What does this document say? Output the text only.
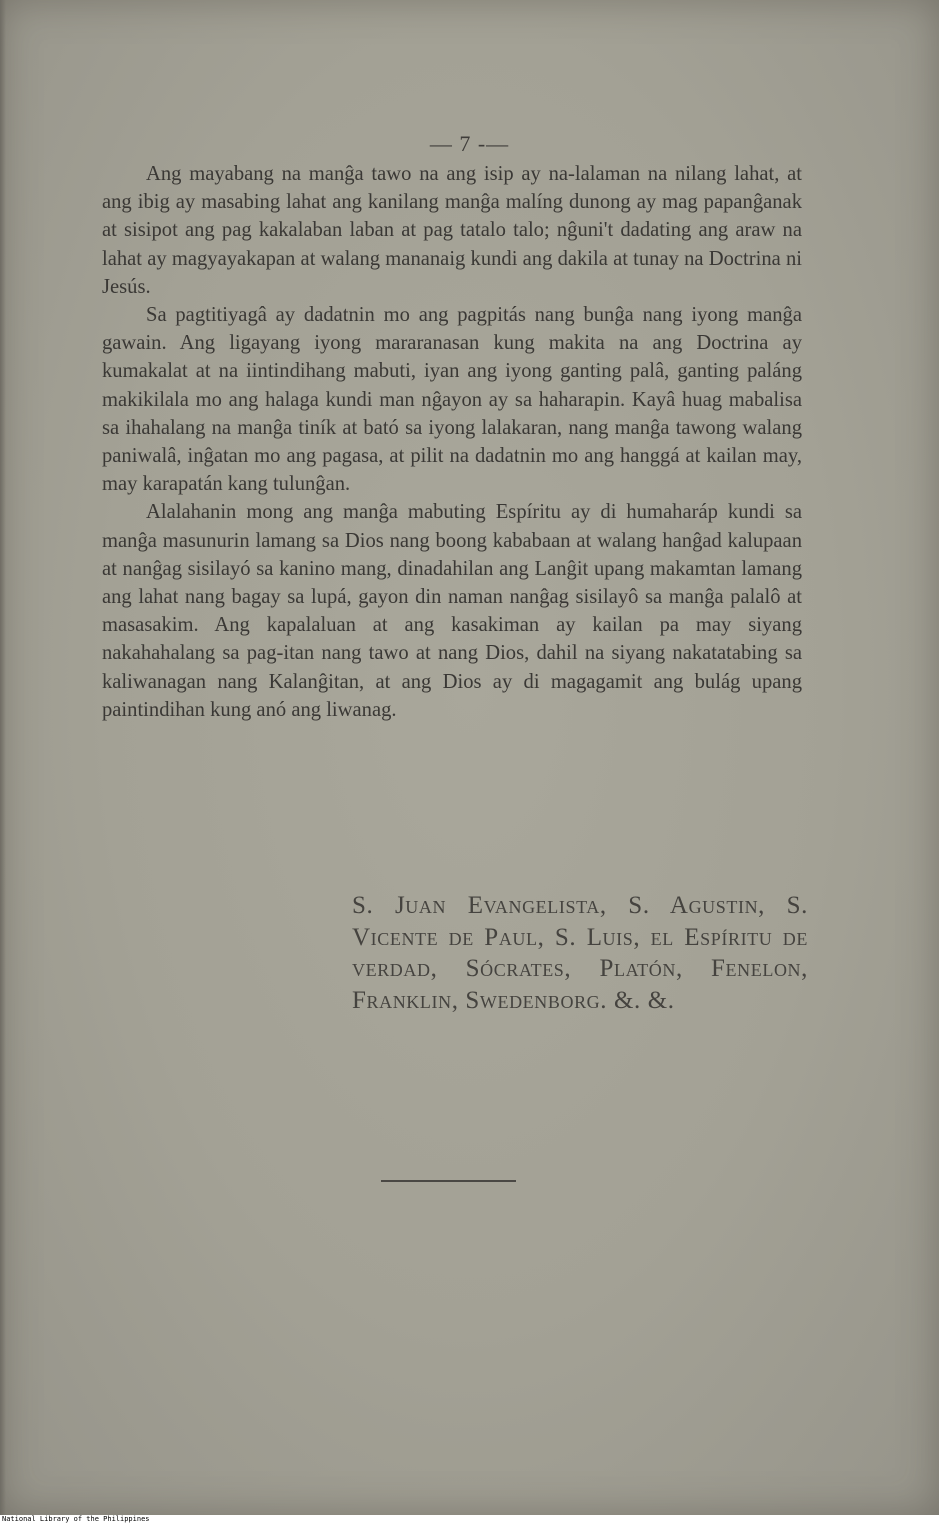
— 7 -—

Ang mayabang na manĝa tawo na ang isip ay na-lalaman na nilang lahat, at ang ibig ay masabing lahat ang kanilang manĝa malíng dunong ay mag papanĝanak at sisipot ang pag kakalaban laban at pag tatalo talo; nĝuni't dadating ang araw na lahat ay magyayakapan at walang mananaig kundi ang dakila at tunay na Doctrina ni Jesús.

Sa pagtitiyagâ ay dadatnin mo ang pagpitás nang bunĝa nang iyong manĝa gawain. Ang ligayang iyong mararanasan kung makita na ang Doctrina ay kumakalat at na iintindihang mabuti, iyan ang iyong ganting palâ, ganting paláng makikilala mo ang halaga kundi man nĝayon ay sa haharapin. Kayâ huag mabalisa sa ihahalang na manĝa tiník at bató sa iyong lalakaran, nang manĝa tawong walang paniwalâ, inĝatan mo ang pagasa, at pilit na dadatnin mo ang hanggá at kailan may, may karapatán kang tulunĝan.

Alalahanin mong ang manĝa mabuting Espíritu ay di humaharáp kundi sa manĝa masunurin lamang sa Dios nang boong kababaan at walang hanĝad kalupaan at nanĝag sisilayó sa kanino mang, dinadahilan ang Lanĝit upang makamtan lamang ang lahat nang bagay sa lupá, gayon din naman nanĝag sisilayô sa manĝa palalô at masasakim. Ang kapalaluan at ang kasakiman ay kailan pa may siyang nakahahalang sa pag-itan nang tawo at nang Dios, dahil na siyang nakatatabing sa kaliwanagan nang Kalanĝitan, at ang Dios ay di magagamit ang bulág upang paintindihan kung anó ang liwanag.

S. Juan Evangelista, S. Agustin, S. Vicente de Paul, S. Luis, el Espíritu de verdad, Sócrates, Platón, Fenelon, Franklin, Swedenborg. &. &.
National Library of the Philippines
